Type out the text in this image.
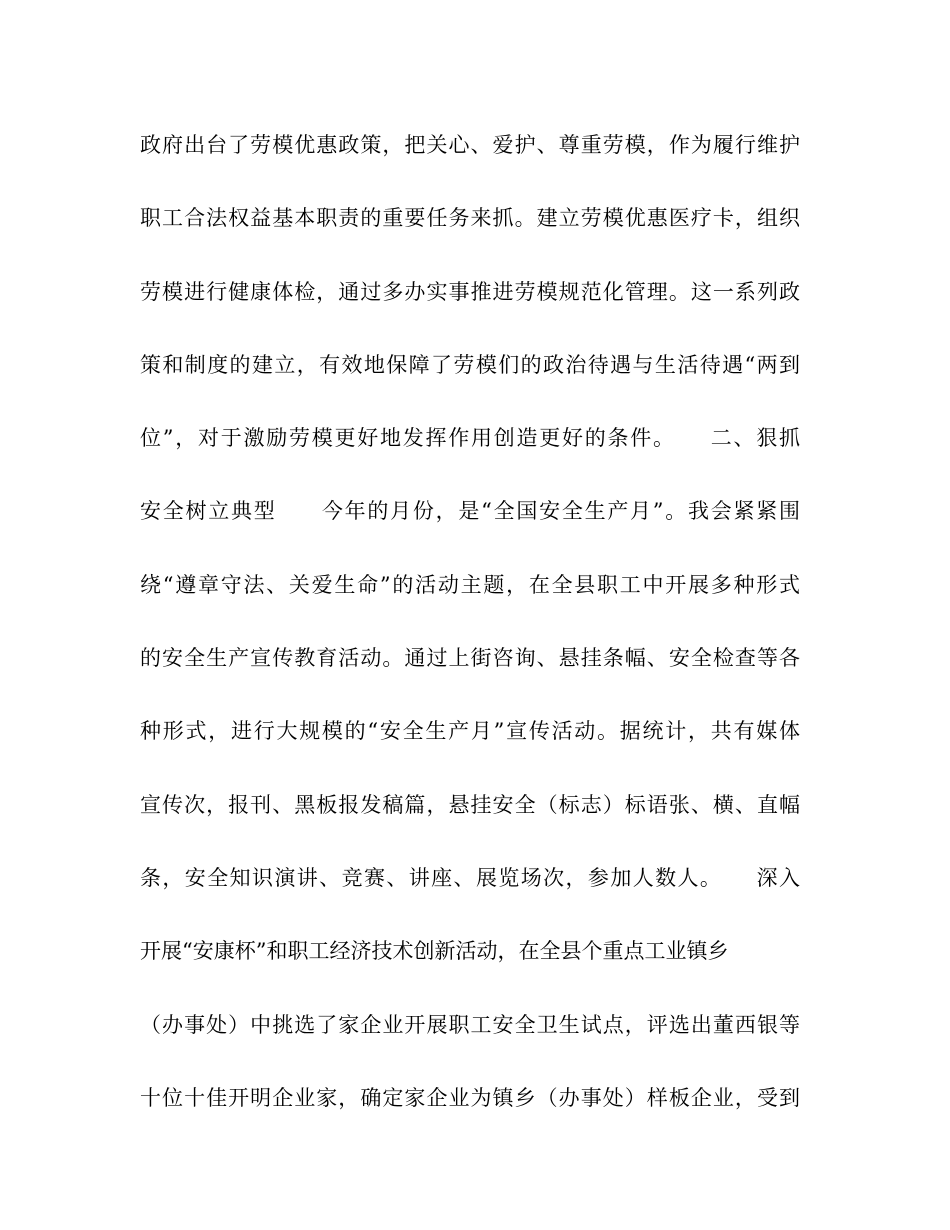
政府出台了劳模优惠政策，把关心、爱护、尊重劳模，作为履行维护
职工合法权益基本职责的重要任务来抓。建立劳模优惠医疗卡，组织
劳模进行健康体检，通过多办实事推进劳模规范化管理。这一系列政
策和制度的建立，有效地保障了劳模们的政治待遇与生活待遇“两到
位”，对于激励劳模更好地发挥作用创造更好的条件。　　二、狠抓
安全树立典型　　今年的月份，是“全国安全生产月”。我会紧紧围
绕“遵章守法、关爱生命”的活动主题，在全县职工中开展多种形式
的安全生产宣传教育活动。通过上街咨询、悬挂条幅、安全检查等各
种形式，进行大规模的“安全生产月”宣传活动。据统计，共有媒体
宣传次，报刊、黑板报发稿篇，悬挂安全（标志）标语张、横、直幅
条，安全知识演讲、竞赛、讲座、展览场次，参加人数人。　　深入
开展“安康杯”和职工经济技术创新活动，在全县个重点工业镇乡
（办事处）中挑选了家企业开展职工安全卫生试点，评选出董西银等
十位十佳开明企业家，确定家企业为镇乡（办事处）样板企业，受到
